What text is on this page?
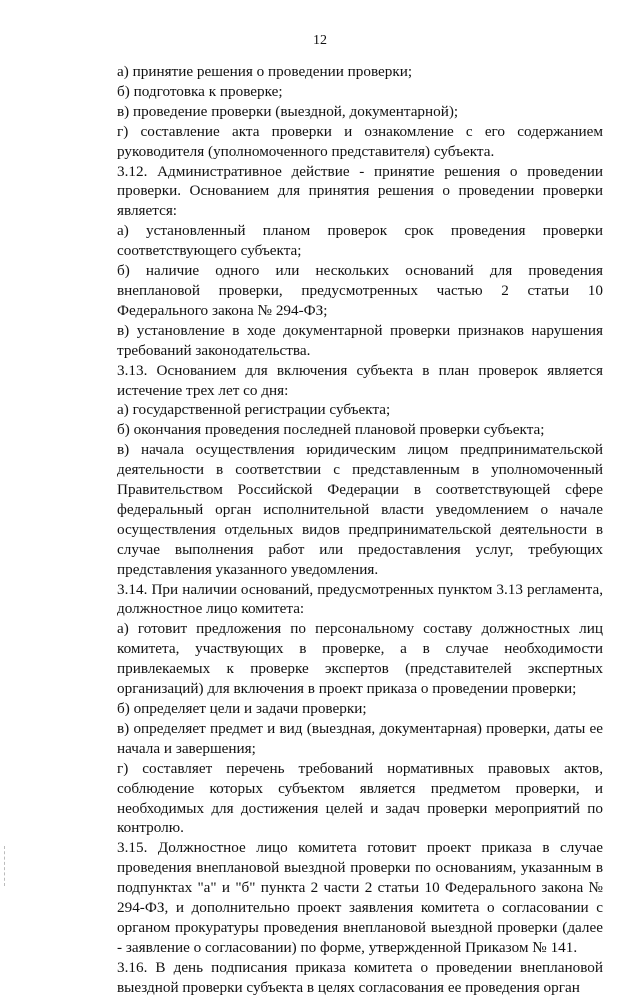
12

а) принятие решения о проведении проверки;

б) подготовка к проверке;

в) проведение проверки (выездной, документарной);

г) составление акта проверки и ознакомление с его содержанием руководителя (уполномоченного представителя) субъекта.

3.12. Административное действие - принятие решения о проведении проверки. Основанием для принятия решения о проведении проверки является:

а) установленный планом проверок срок проведения проверки соответствующего субъекта;

б) наличие одного или нескольких оснований для проведения внеплановой проверки, предусмотренных частью 2 статьи 10 Федерального закона № 294-ФЗ;

в) установление в ходе документарной проверки признаков нарушения требований законодательства.

3.13. Основанием для включения субъекта в план проверок является истечение трех лет со дня:

а) государственной регистрации субъекта;

б) окончания проведения последней плановой проверки субъекта;

в) начала осуществления юридическим лицом предпринимательской деятельности в соответствии с представленным в уполномоченный Правительством Российской Федерации в соответствующей сфере федеральный орган исполнительной власти уведомлением о начале осуществления отдельных видов предпринимательской деятельности в случае выполнения работ или предоставления услуг, требующих представления указанного уведомления.

3.14. При наличии оснований, предусмотренных пунктом 3.13 регламента, должностное лицо комитета:

а) готовит предложения по персональному составу должностных лиц комитета, участвующих в проверке, а в случае необходимости привлекаемых к проверке экспертов (представителей экспертных организаций) для включения в проект приказа о проведении проверки;

б) определяет цели и задачи проверки;

в) определяет предмет и вид (выездная, документарная) проверки, даты ее начала и завершения;

г) составляет перечень требований нормативных правовых актов, соблюдение которых субъектом является предметом проверки, и необходимых для достижения целей и задач проверки мероприятий по контролю.

3.15. Должностное лицо комитета готовит проект приказа в случае проведения внеплановой выездной проверки по основаниям, указанным в подпунктах "а" и "б" пункта 2 части 2 статьи 10 Федерального закона № 294-ФЗ, и дополнительно проект заявления комитета о согласовании с органом прокуратуры проведения внеплановой выездной проверки (далее - заявление о согласовании) по форме, утвержденной Приказом № 141.

3.16. В день подписания приказа комитета о проведении внеплановой выездной проверки субъекта в целях согласования ее проведения орган
